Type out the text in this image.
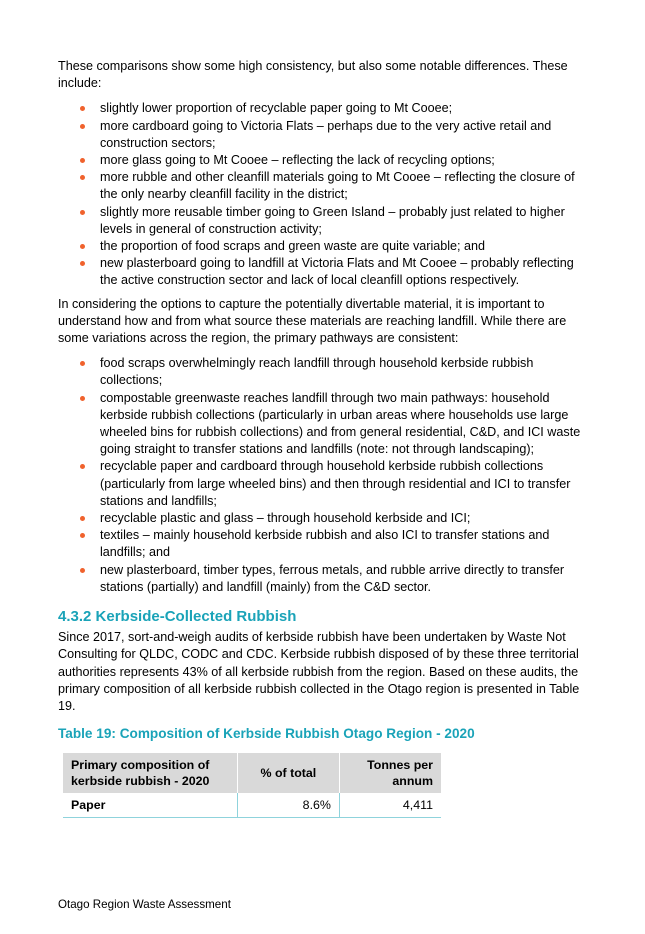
These comparisons show some high consistency, but also some notable differences. These include:

slightly lower proportion of recyclable paper going to Mt Cooee;
more cardboard going to Victoria Flats – perhaps due to the very active retail and construction sectors;
more glass going to Mt Cooee – reflecting the lack of recycling options;
more rubble and other cleanfill materials going to Mt Cooee – reflecting the closure of the only nearby cleanfill facility in the district;
slightly more reusable timber going to Green Island – probably just related to higher levels in general of construction activity;
the proportion of food scraps and green waste are quite variable; and
new plasterboard going to landfill at Victoria Flats and Mt Cooee – probably reflecting the active construction sector and lack of local cleanfill options respectively.

In considering the options to capture the potentially divertable material, it is important to understand how and from what source these materials are reaching landfill. While there are some variations across the region, the primary pathways are consistent:

food scraps overwhelmingly reach landfill through household kerbside rubbish collections;
compostable greenwaste reaches landfill through two main pathways: household kerbside rubbish collections (particularly in urban areas where households use large wheeled bins for rubbish collections) and from general residential, C&D, and ICI waste going straight to transfer stations and landfills (note: not through landscaping);
recyclable paper and cardboard through household kerbside rubbish collections (particularly from large wheeled bins) and then through residential and ICI to transfer stations and landfills;
recyclable plastic and glass – through household kerbside and ICI;
textiles – mainly household kerbside rubbish and also ICI to transfer stations and landfills; and
new plasterboard, timber types, ferrous metals, and rubble arrive directly to transfer stations (partially) and landfill (mainly) from the C&D sector.
4.3.2 Kerbside-Collected Rubbish

Since 2017, sort-and-weigh audits of kerbside rubbish have been undertaken by Waste Not Consulting for QLDC, CODC and CDC. Kerbside rubbish disposed of by these three territorial authorities represents 43% of all kerbside rubbish from the region. Based on these audits, the primary composition of all kerbside rubbish collected in the Otago region is presented in Table 19.

Table 19: Composition of Kerbside Rubbish Otago Region - 2020
Primary composition of kerbside rubbish - 2020	% of total	Tonnes per annum
Paper	8.6%	4,411
Otago Region Waste Assessment
